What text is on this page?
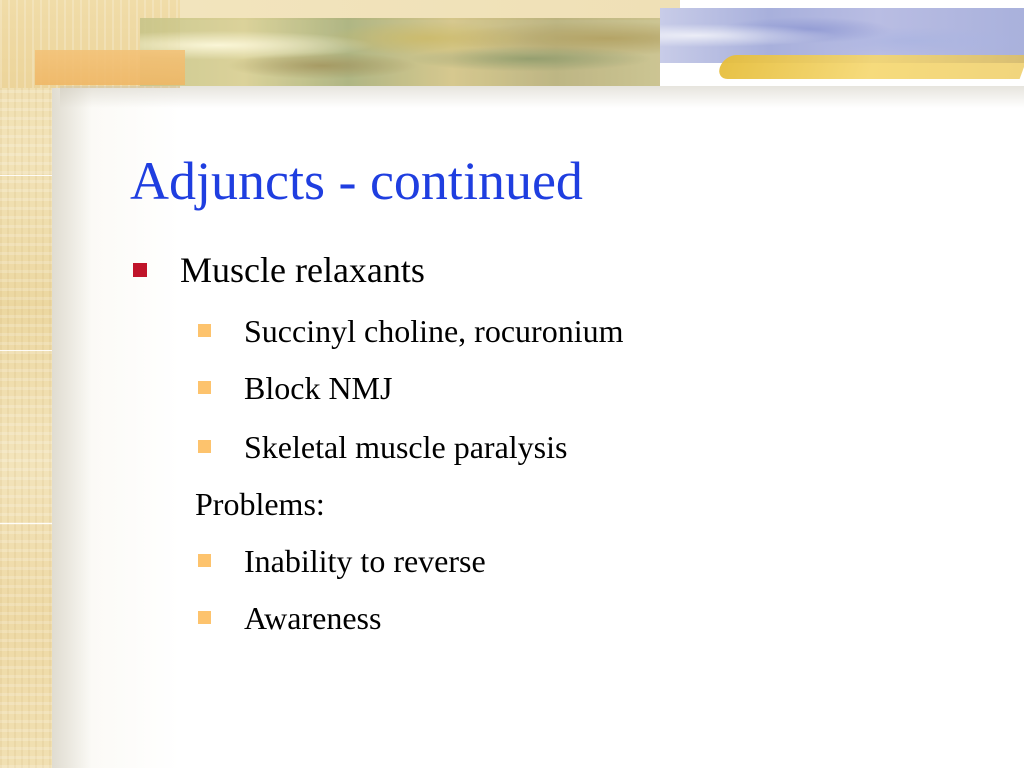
Adjuncts - continued
Muscle relaxants
Succinyl choline, rocuronium
Block NMJ
Skeletal muscle paralysis
Problems:
Inability to reverse
Awareness
